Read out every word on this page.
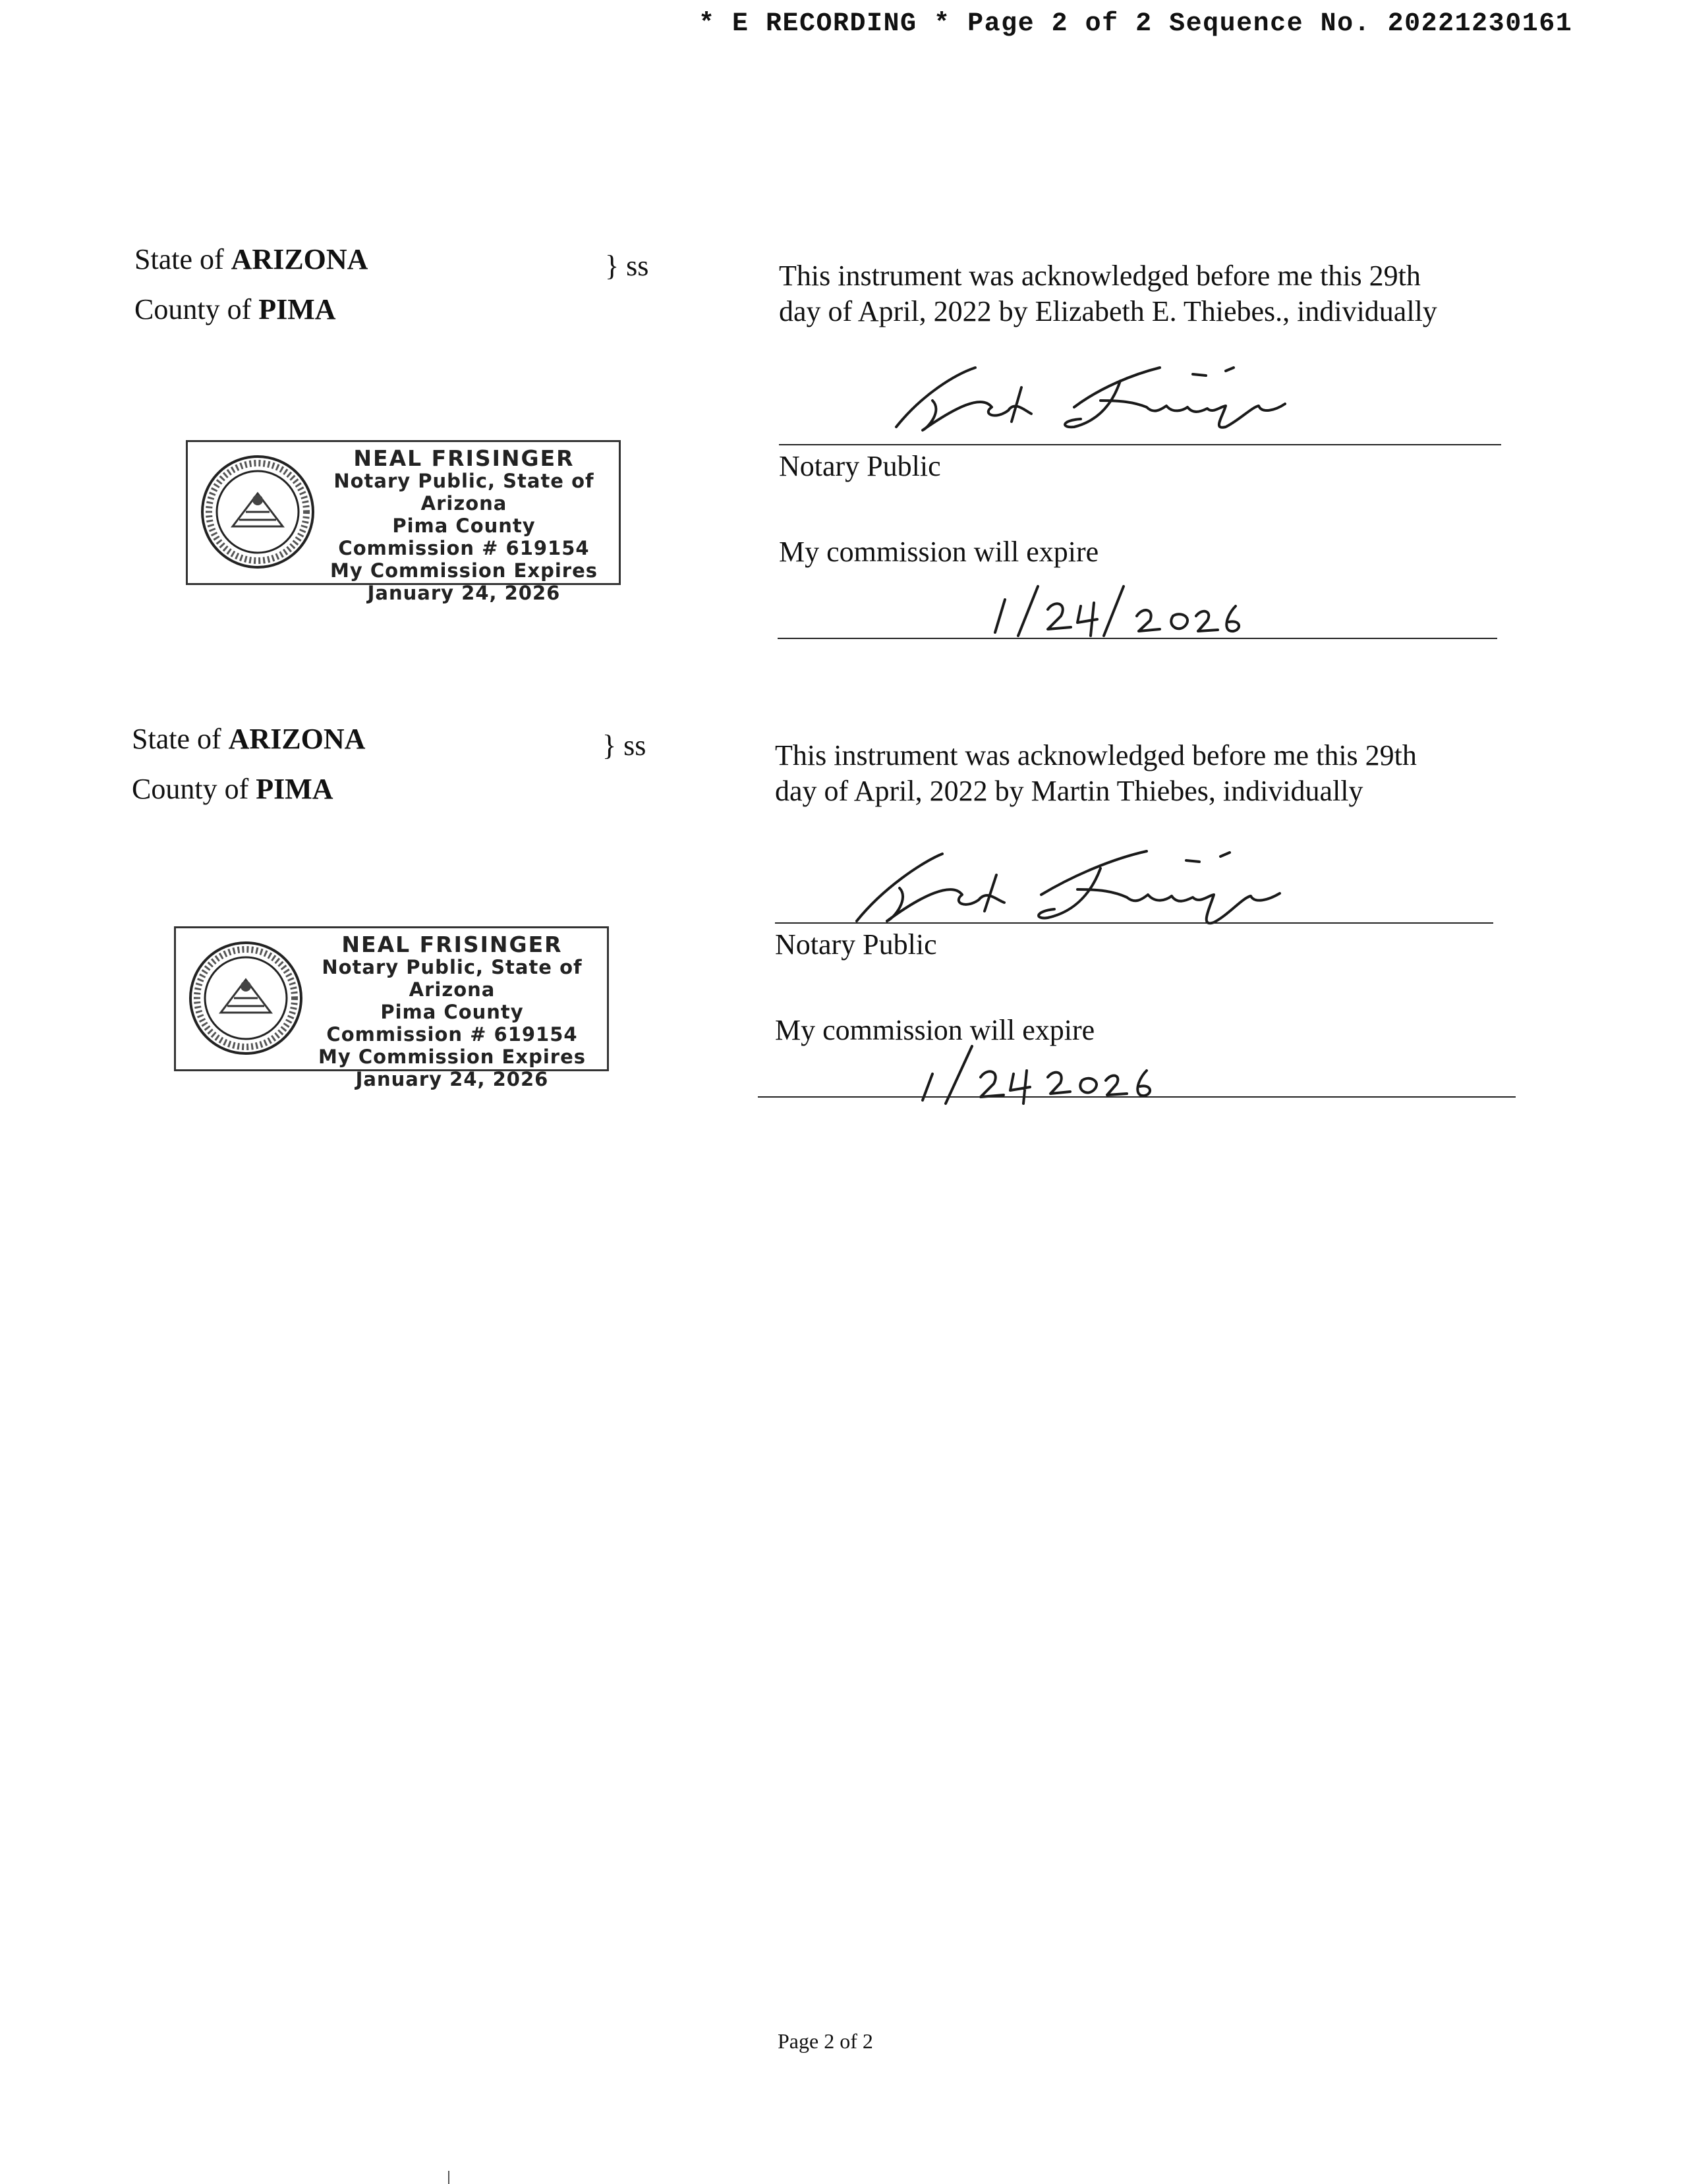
* E RECORDING * Page 2 of 2 Sequence No. 20221230161
State of ARIZONA
County of PIMA
} ss	This instrument was acknowledged before me this 29th
day of April, 2022 by Elizabeth E. Thiebes., individually
Notary Public
My commission will expire
NEAL FRISINGER
Notary Public, State of Arizona
Pima County
Commission # 619154
My Commission Expires
January 24, 2026
State of ARIZONA
County of PIMA
} ss	This instrument was acknowledged before me this 29th
day of April, 2022 by Martin Thiebes, individually
Notary Public
My commission will expire
NEAL FRISINGER
Notary Public, State of Arizona
Pima County
Commission # 619154
My Commission Expires
January 24, 2026
Page 2 of 2
